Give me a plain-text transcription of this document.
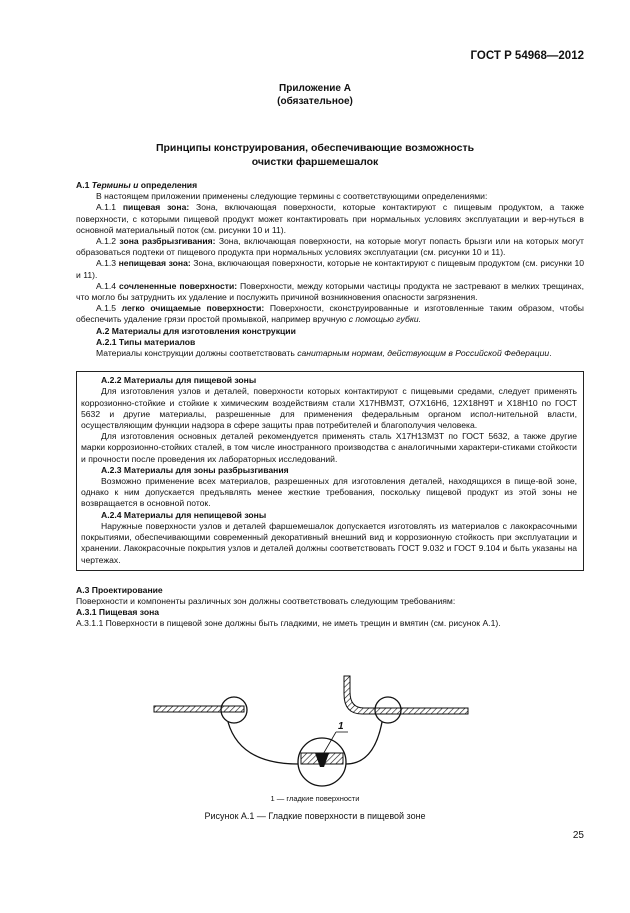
ГОСТ Р 54968—2012
Приложение А
(обязательное)
Принципы конструирования, обеспечивающие возможность
очистки фаршемешалок

А.1 Термины и определения

В настоящем приложении применены следующие термины с соответствующими определениями:

А.1.1 пищевая зона: Зона, включающая поверхности, которые контактируют с пищевым продуктом, а также поверхности, с которыми пищевой продукт может контактировать при нормальных условиях эксплуатации и вер-нуться в основной материальный поток (см. рисунки 10 и 11).

А.1.2 зона разбрызгивания: Зона, включающая поверхности, на которые могут попасть брызги или на которых могут образоваться подтеки от пищевого продукта при нормальных условиях эксплуатации (см. рисунки 10 и 11).

А.1.3 непищевая зона: Зона, включающая поверхности, которые не контактируют с пищевым продуктом (см. рисунки 10 и 11).

А.1.4 сочлененные поверхности: Поверхности, между которыми частицы продукта не застревают в мелких трещинах, что могло бы затруднить их удаление и послужить причиной возникновения опасности загрязнения.

А.1.5 легко очищаемые поверхности: Поверхности, сконструированные и изготовленные таким образом, чтобы обеспечить удаление грязи простой промывкой, например вручную с помощью губки.

А.2 Материалы для изготовления конструкции

А.2.1 Типы материалов

Материалы конструкции должны соответствовать санитарным нормам, действующим в Российской Федерации.

А.2.2 Материалы для пищевой зоны

Для изготовления узлов и деталей, поверхности которых контактируют с пищевыми средами, следует применять коррозионно-стойкие и стойкие к химическим воздействиям стали Х17НВМЗТ, О7Х16Н6, 12Х18Н9Т и Х18Н10 по ГОСТ 5632 и другие материалы, разрешенные для применения федеральным органом испол-нительной власти, осуществляющим функции надзора в сфере защиты прав потребителей и благополучия человека.

Для изготовления основных деталей рекомендуется применять сталь Х17Н13М3Т по ГОСТ 5632, а также другие марки коррозионно-стойких сталей, в том числе иностранного производства с аналогичными характери-стиками стойкости и прочности после проведения их лабораторных исследований.

А.2.3 Материалы для зоны разбрызгивания

Возможно применение всех материалов, разрешенных для изготовления деталей, находящихся в пище-вой зоне, однако к ним допускается предъявлять менее жесткие требования, поскольку пищевой продукт из этой зоны не возвращается в основной поток.

А.2.4 Материалы для непищевой зоны

Наружные поверхности узлов и деталей фаршемешалок допускается изготовлять из материалов с лакокрасочными покрытиями, обеспечивающими современный декоративный внешний вид и коррозионную стойкость при эксплуатации и хранении. Лакокрасочные покрытия узлов и деталей должны соответствовать ГОСТ 9.032 и ГОСТ 9.104 и быть указаны на чертежах.

А.3 Проектирование

Поверхности и компоненты различных зон должны соответствовать следующим требованиям:

А.3.1 Пищевая зона

А.3.1.1 Поверхности в пищевой зоне должны быть гладкими, не иметь трещин и вмятин (см. рисунок А.1).

1
1 — гладкие поверхности
Рисунок А.1 — Гладкие поверхности в пищевой зоне
25
